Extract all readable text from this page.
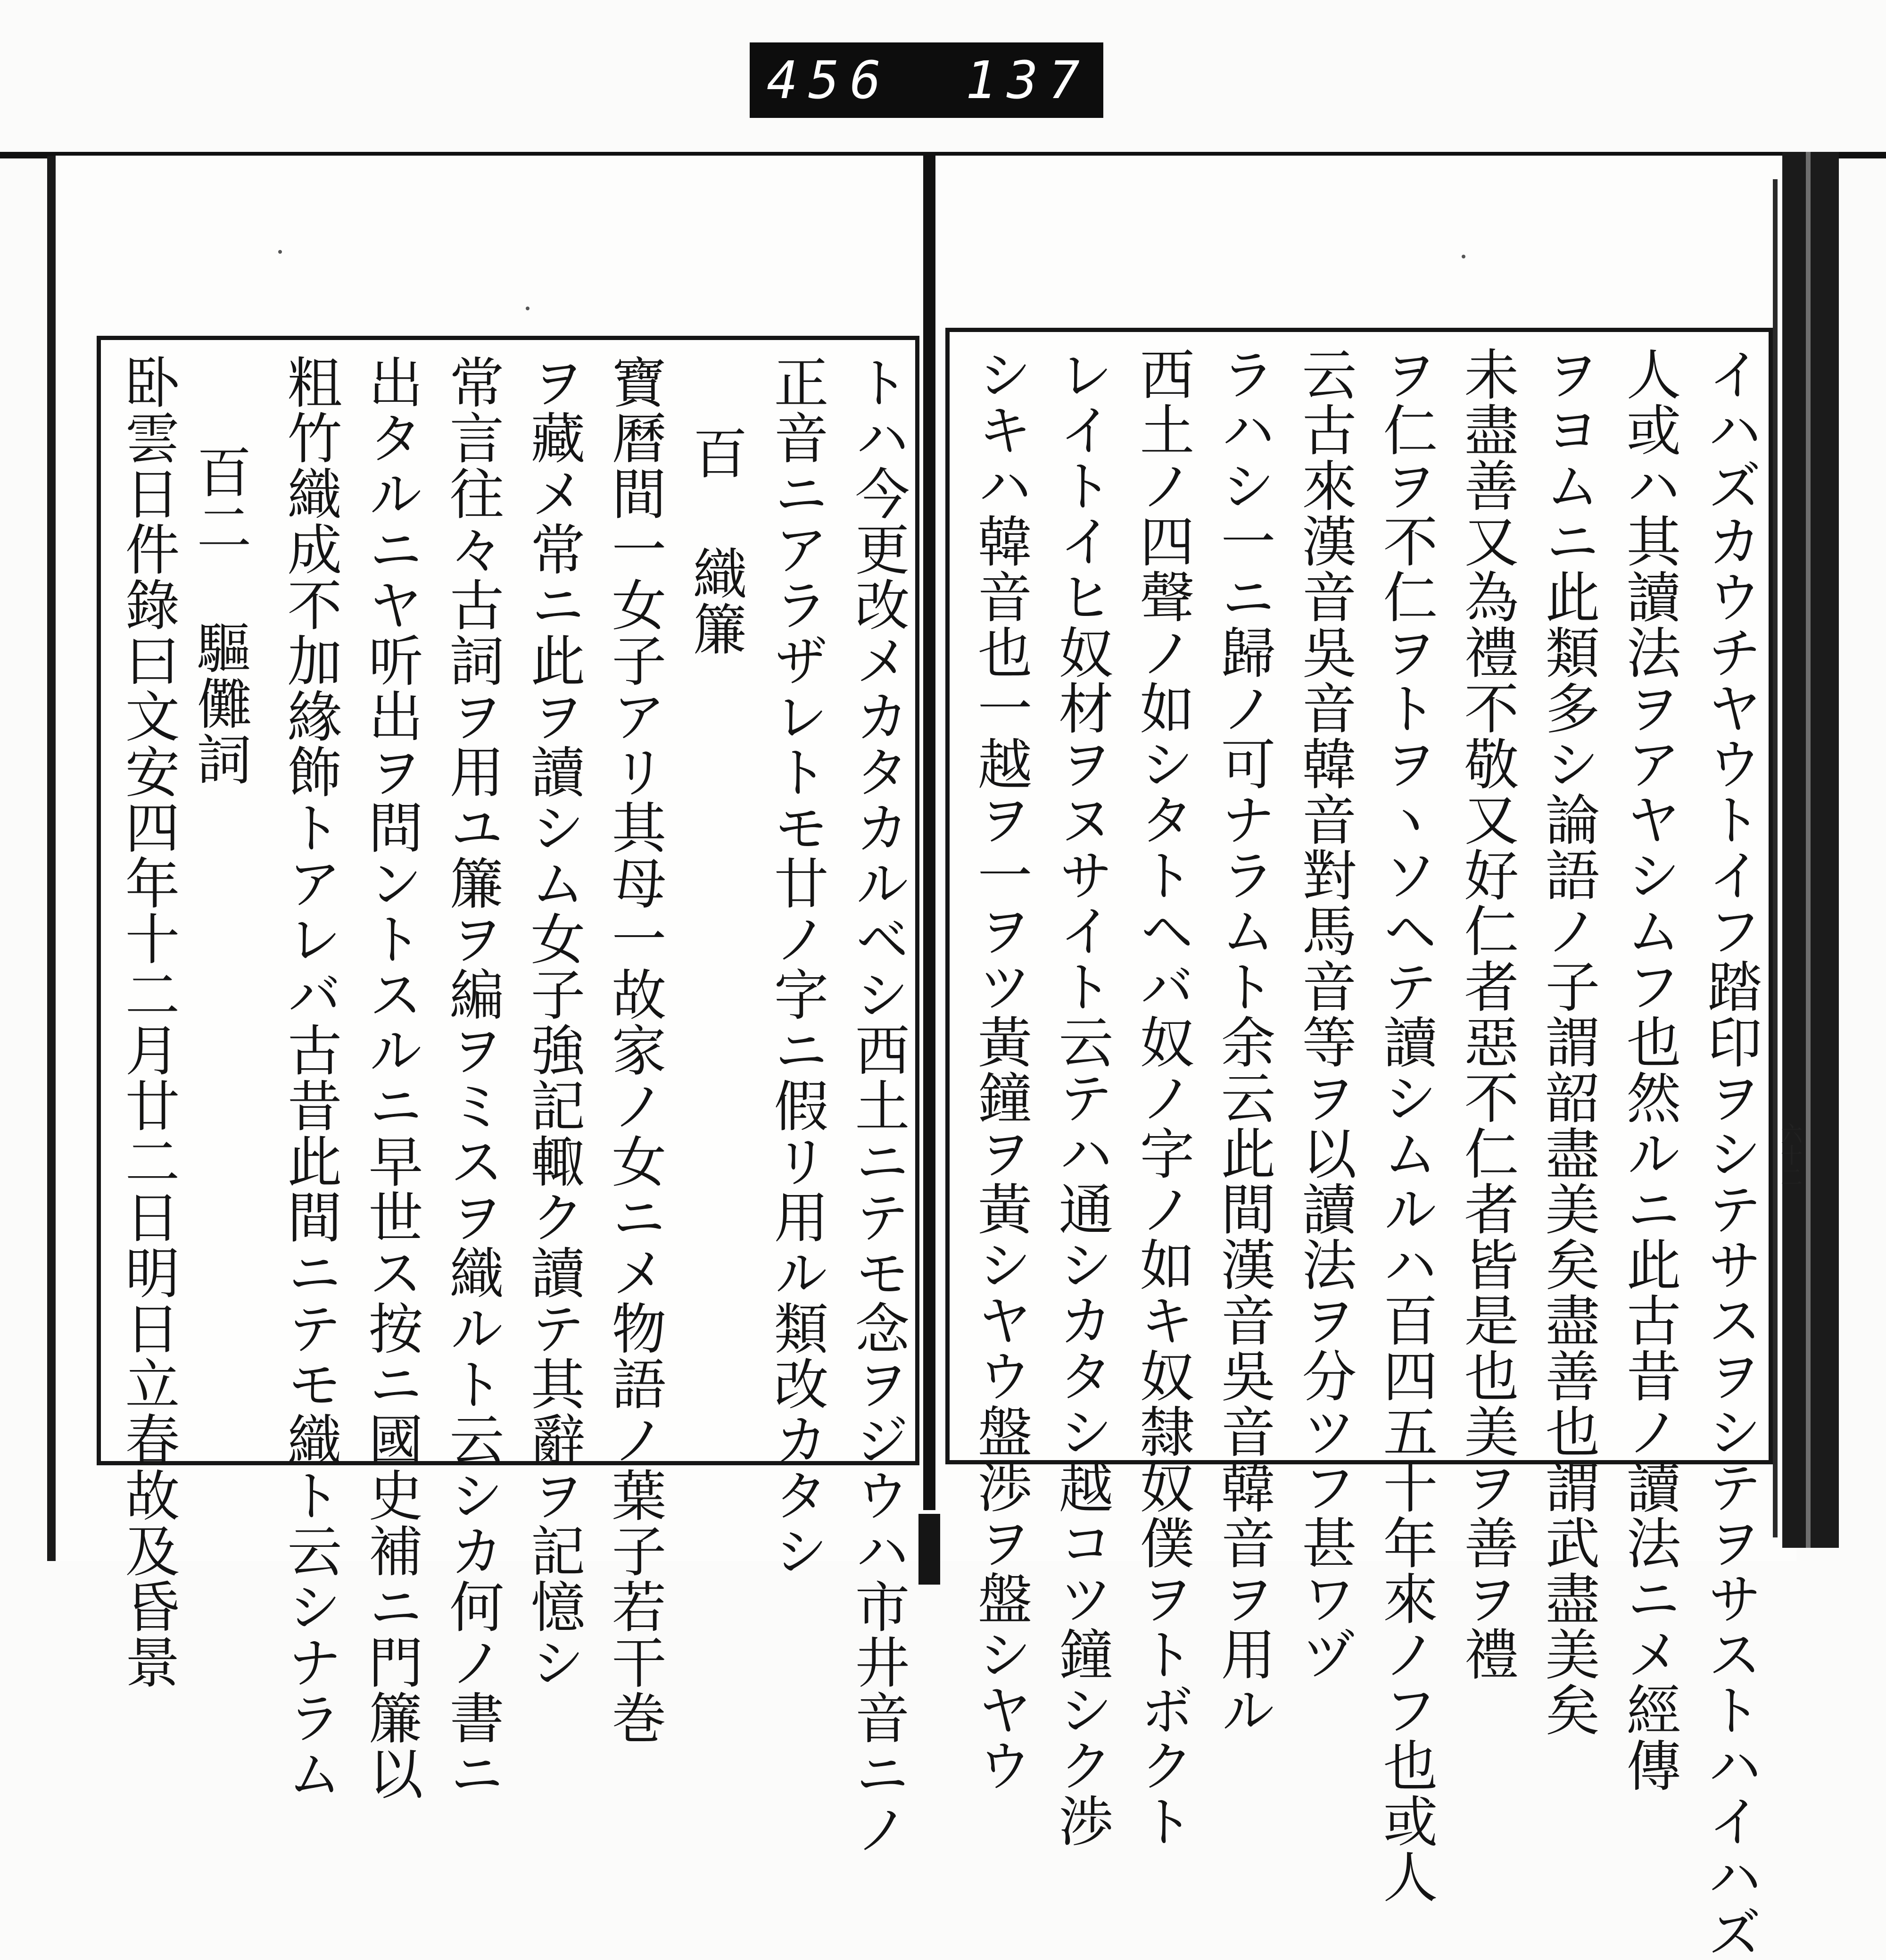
456 137
イハズカウチヤウトイフ踏印ヲシテサスヲシテヲサストハイハズ
人或ハ其讀法ヲアヤシムフ也然ルニ此古昔ノ讀法ニメ經傳
ヲヨムニ此類多シ論語ノ子謂韶盡美矣盡善也謂武盡美矣
未盡善又為禮不敬又好仁者惡不仁者皆是也美ヲ善ヲ禮
ヲ仁ヲ不仁ヲトヲヽソヘテ讀シムルハ百四五十年來ノフ也或人
云古來漢音吳音韓音對馬音等ヲ以讀法ヲ分ツフ甚ワヅ
ラハシ一ニ歸ノ可ナラムト余云此間漢音吳音韓音ヲ用ル
西土ノ四聲ノ如シタトヘバ奴ノ字ノ如キ奴隸奴僕ヲトボクト
レイトイヒ奴材ヲヌサイト云テハ通シカタシ越コツ鐘シク渉
シキハ韓音也一越ヲ一ヲツ黃鐘ヲ黃シヤウ盤渉ヲ盤シヤウ
トハ今更改メカタカルベシ西土ニテモ念ヲジウハ市井音ニノ
正音ニアラザレトモ廿ノ字ニ假リ用ル類改カタシ
百 織簾
寶曆間一女子アリ其母一故家ノ女ニメ物語ノ葉子若干巻
ヲ藏メ常ニ此ヲ讀シム女子強記輙ク讀テ其辭ヲ記憶シ
常言往々古詞ヲ用ユ簾ヲ編ヲミスヲ織ルト云シカ何ノ書ニ
出タルニヤ听出ヲ問ントスルニ早世ス按ニ國史補ニ門簾以
粗竹織成不加緣飾トアレバ古昔此間ニテモ織ト云シナラム
百二 驅儺詞
卧雲日件錄曰文安四年十二月廿二日明日立春故及昏景	六十二
